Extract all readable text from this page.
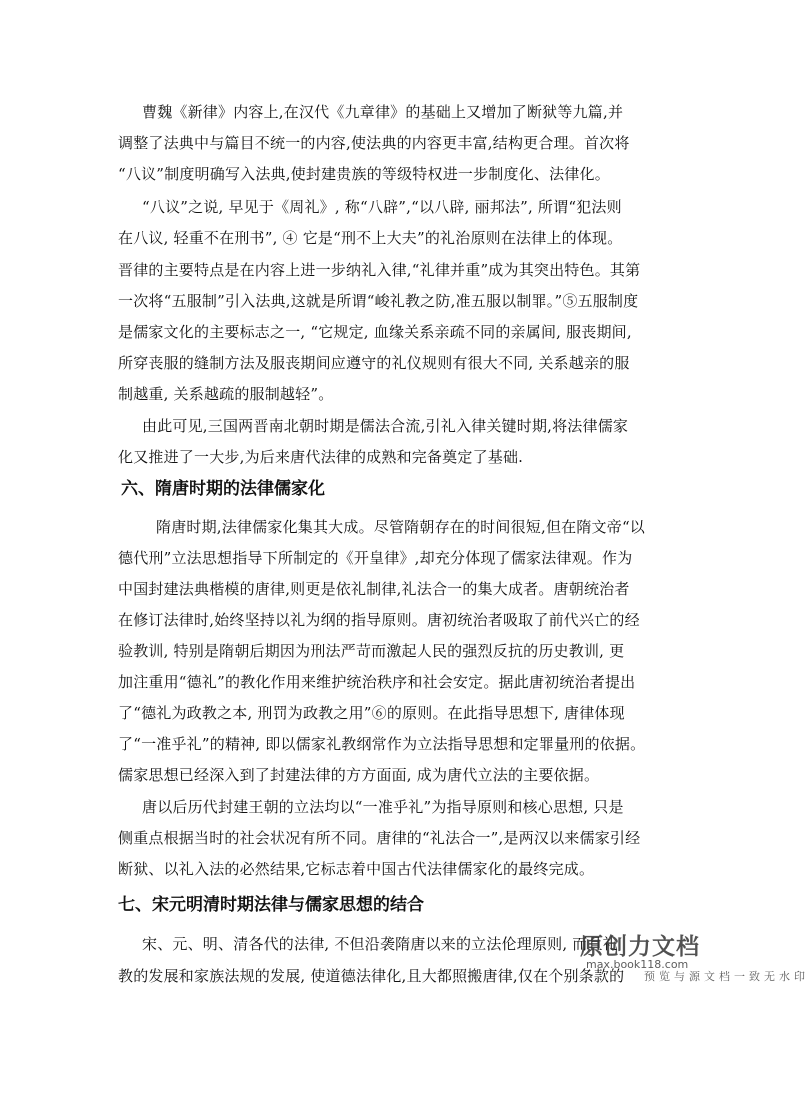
曹魏《新律》内容上,在汉代《九章律》的基础上又增加了断狱等九篇,并
调整了法典中与篇目不统一的内容,使法典的内容更丰富,结构更合理。首次将
“八议”制度明确写入法典,使封建贵族的等级特权进一步制度化、法律化。
“八议”之说, 早见于《周礼》, 称“八辟”,“以八辟, 丽邦法”, 所谓“犯法则
在八议, 轻重不在刑书”, ④ 它是“刑不上大夫”的礼治原则在法律上的体现。
晋律的主要特点是在内容上进一步纳礼入律,“礼律并重”成为其突出特色。其第
一次将“五服制”引入法典,这就是所谓“峻礼教之防,准五服以制罪。”⑤五服制度
是儒家文化的主要标志之一, “它规定, 血缘关系亲疏不同的亲属间, 服丧期间,
所穿丧服的缝制方法及服丧期间应遵守的礼仪规则有很大不同, 关系越亲的服
制越重, 关系越疏的服制越轻”。
由此可见,三国两晋南北朝时期是儒法合流,引礼入律关键时期,将法律儒家
化又推进了一大步,为后来唐代法律的成熟和完备奠定了基础.
六、隋唐时期的法律儒家化
隋唐时期,法律儒家化集其大成。尽管隋朝存在的时间很短,但在隋文帝“以
德代刑”立法思想指导下所制定的《开皇律》,却充分体现了儒家法律观。作为
中国封建法典楷模的唐律,则更是依礼制律,礼法合一的集大成者。唐朝统治者
在修订法律时,始终坚持以礼为纲的指导原则。唐初统治者吸取了前代兴亡的经
验教训, 特别是隋朝后期因为刑法严苛而激起人民的强烈反抗的历史教训, 更
加注重用“德礼”的教化作用来维护统治秩序和社会安定。据此唐初统治者提出
了“德礼为政教之本, 刑罚为政教之用”⑥的原则。在此指导思想下, 唐律体现
了“一准乎礼”的精神, 即以儒家礼教纲常作为立法指导思想和定罪量刑的依据。
儒家思想已经深入到了封建法律的方方面面, 成为唐代立法的主要依据。
唐以后历代封建王朝的立法均以“一准乎礼”为指导原则和核心思想, 只是
侧重点根据当时的社会状况有所不同。唐律的“礼法合一”,是两汉以来儒家引经
断狱、以礼入法的必然结果,它标志着中国古代法律儒家化的最终完成。
七、宋元明清时期法律与儒家思想的结合
宋、元、明、清各代的法律, 不但沿袭隋唐以来的立法伦理原则, 而且礼
教的发展和家族法规的发展, 使道德法律化,且大都照搬唐律,仅在个别条款的
原创力文档
max.book118.com
预览与源文档一致无水印
